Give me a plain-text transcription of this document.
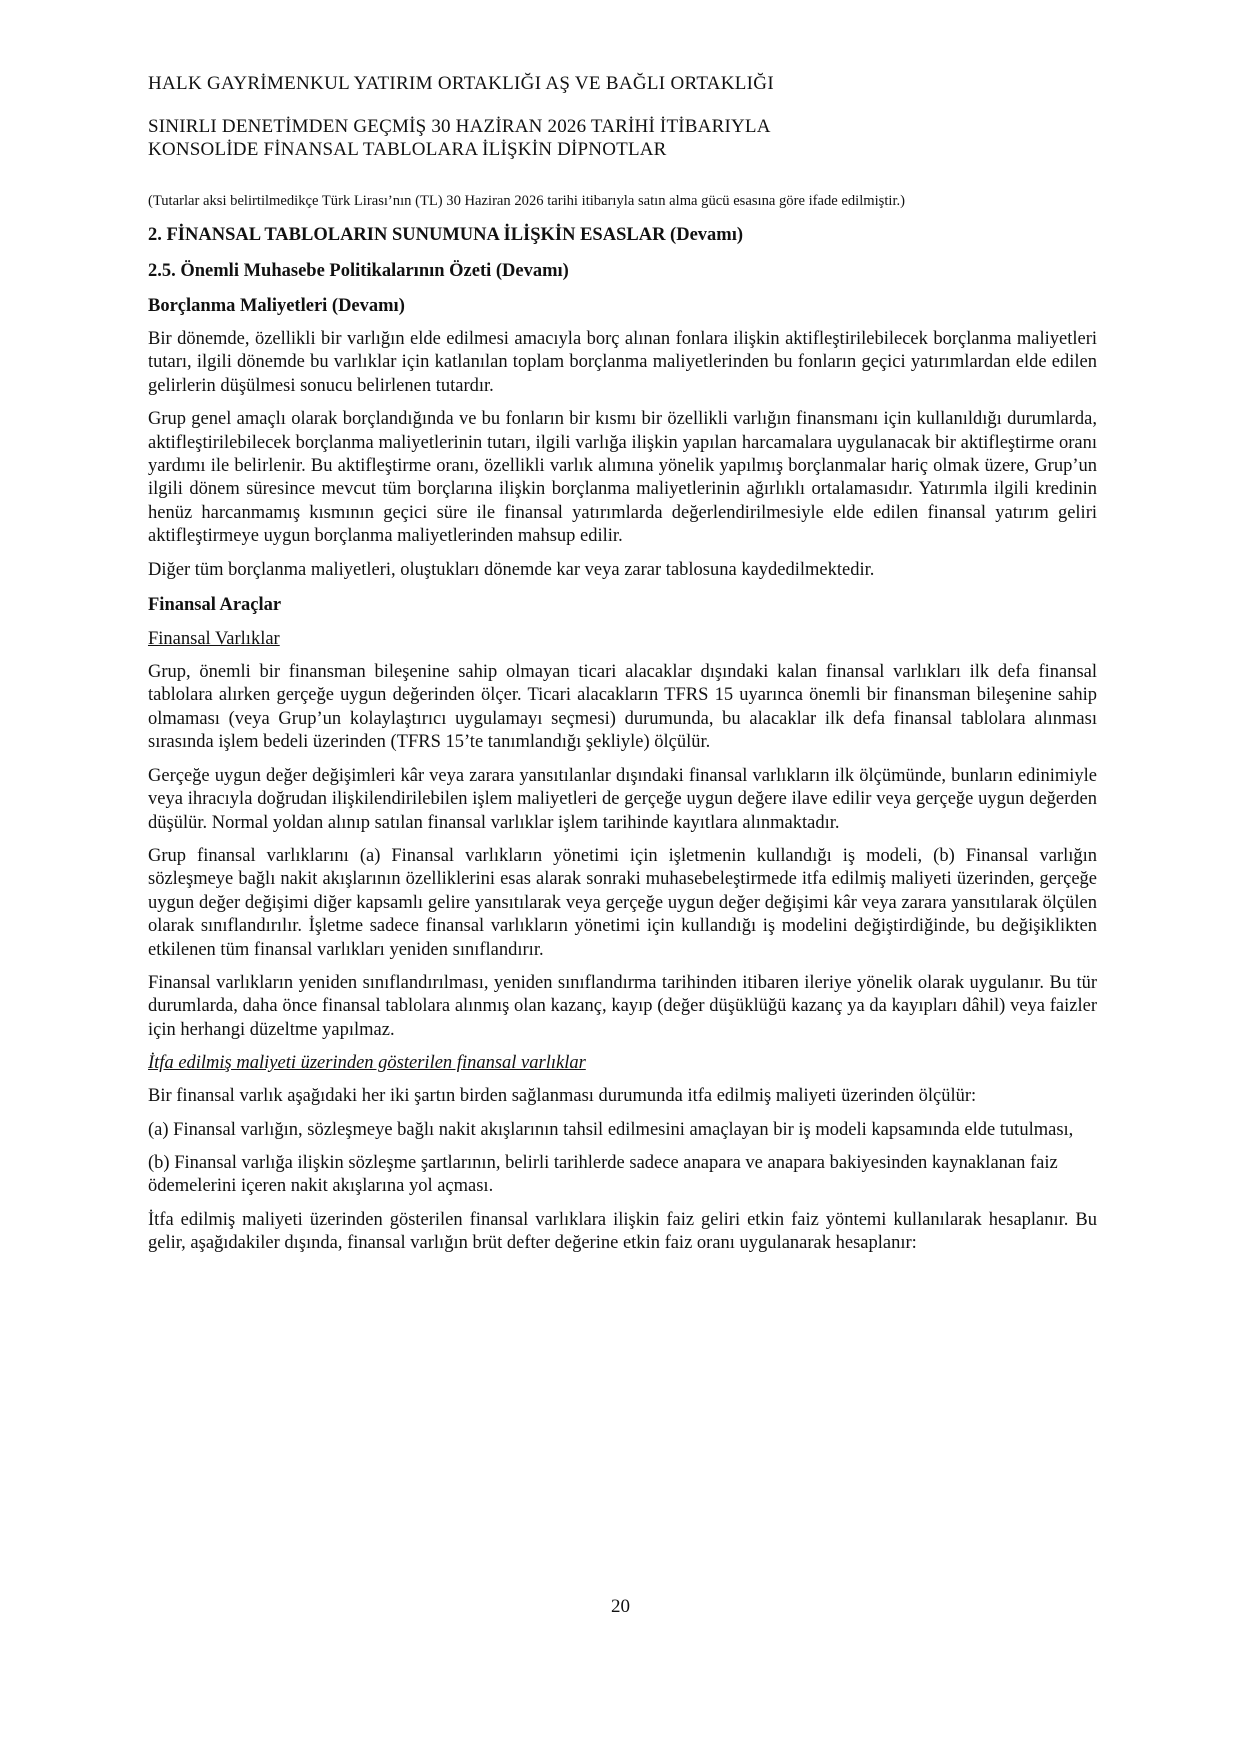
HALK GAYRİMENKUL YATIRIM ORTAKLIĞI AŞ VE BAĞLI ORTAKLIĞI
SINIRLI DENETİMDEN GEÇMİŞ 30 HAZİRAN 2026 TARİHİ İTİBARIYLA
KONSOLİDE FİNANSAL TABLOLARA İLİŞKİN DİPNOTLAR
(Tutarlar aksi belirtilmedikçe Türk Lirası’nın (TL) 30 Haziran 2026 tarihi itibarıyla satın alma gücü esasına göre ifade edilmiştir.)
2. FİNANSAL TABLOLARIN SUNUMUNA İLİŞKİN ESASLAR (Devamı)
2.5. Önemli Muhasebe Politikalarının Özeti (Devamı)
Borçlanma Maliyetleri (Devamı)

Bir dönemde, özellikli bir varlığın elde edilmesi amacıyla borç alınan fonlara ilişkin aktifleştirilebilecek borçlanma maliyetleri tutarı, ilgili dönemde bu varlıklar için katlanılan toplam borçlanma maliyetlerinden bu fonların geçici yatırımlardan elde edilen gelirlerin düşülmesi sonucu belirlenen tutardır.

Grup genel amaçlı olarak borçlandığında ve bu fonların bir kısmı bir özellikli varlığın finansmanı için kullanıldığı durumlarda, aktifleştirilebilecek borçlanma maliyetlerinin tutarı, ilgili varlığa ilişkin yapılan harcamalara uygulanacak bir aktifleştirme oranı yardımı ile belirlenir. Bu aktifleştirme oranı, özellikli varlık alımına yönelik yapılmış borçlanmalar hariç olmak üzere, Grup’un ilgili dönem süresince mevcut tüm borçlarına ilişkin borçlanma maliyetlerinin ağırlıklı ortalamasıdır. Yatırımla ilgili kredinin henüz harcanmamış kısmının geçici süre ile finansal yatırımlarda değerlendirilmesiyle elde edilen finansal yatırım geliri aktifleştirmeye uygun borçlanma maliyetlerinden mahsup edilir.

Diğer tüm borçlanma maliyetleri, oluştukları dönemde kar veya zarar tablosuna kaydedilmektedir.

Finansal Araçlar
Finansal Varlıklar

Grup, önemli bir finansman bileşenine sahip olmayan ticari alacaklar dışındaki kalan finansal varlıkları ilk defa finansal tablolara alırken gerçeğe uygun değerinden ölçer. Ticari alacakların TFRS 15 uyarınca önemli bir finansman bileşenine sahip olmaması (veya Grup’un kolaylaştırıcı uygulamayı seçmesi) durumunda, bu alacaklar ilk defa finansal tablolara alınması sırasında işlem bedeli üzerinden (TFRS 15’te tanımlandığı şekliyle) ölçülür.

Gerçeğe uygun değer değişimleri kâr veya zarara yansıtılanlar dışındaki finansal varlıkların ilk ölçümünde, bunların edinimiyle veya ihracıyla doğrudan ilişkilendirilebilen işlem maliyetleri de gerçeğe uygun değere ilave edilir veya gerçeğe uygun değerden düşülür. Normal yoldan alınıp satılan finansal varlıklar işlem tarihinde kayıtlara alınmaktadır.

Grup finansal varlıklarını (a) Finansal varlıkların yönetimi için işletmenin kullandığı iş modeli, (b) Finansal varlığın sözleşmeye bağlı nakit akışlarının özelliklerini esas alarak sonraki muhasebeleştirmede itfa edilmiş maliyeti üzerinden, gerçeğe uygun değer değişimi diğer kapsamlı gelire yansıtılarak veya gerçeğe uygun değer değişimi kâr veya zarara yansıtılarak ölçülen olarak sınıflandırılır. İşletme sadece finansal varlıkların yönetimi için kullandığı iş modelini değiştirdiğinde, bu değişiklikten etkilenen tüm finansal varlıkları yeniden sınıflandırır.

Finansal varlıkların yeniden sınıflandırılması, yeniden sınıflandırma tarihinden itibaren ileriye yönelik olarak uygulanır. Bu tür durumlarda, daha önce finansal tablolara alınmış olan kazanç, kayıp (değer düşüklüğü kazanç ya da kayıpları dâhil) veya faizler için herhangi düzeltme yapılmaz.

İtfa edilmiş maliyeti üzerinden gösterilen finansal varlıklar

Bir finansal varlık aşağıdaki her iki şartın birden sağlanması durumunda itfa edilmiş maliyeti üzerinden ölçülür:

(a) Finansal varlığın, sözleşmeye bağlı nakit akışlarının tahsil edilmesini amaçlayan bir iş modeli kapsamında elde tutulması,

(b) Finansal varlığa ilişkin sözleşme şartlarının, belirli tarihlerde sadece anapara ve anapara bakiyesinden kaynaklanan faiz ödemelerini içeren nakit akışlarına yol açması.

İtfa edilmiş maliyeti üzerinden gösterilen finansal varlıklara ilişkin faiz geliri etkin faiz yöntemi kullanılarak hesaplanır. Bu gelir, aşağıdakiler dışında, finansal varlığın brüt defter değerine etkin faiz oranı uygulanarak hesaplanır:

20
